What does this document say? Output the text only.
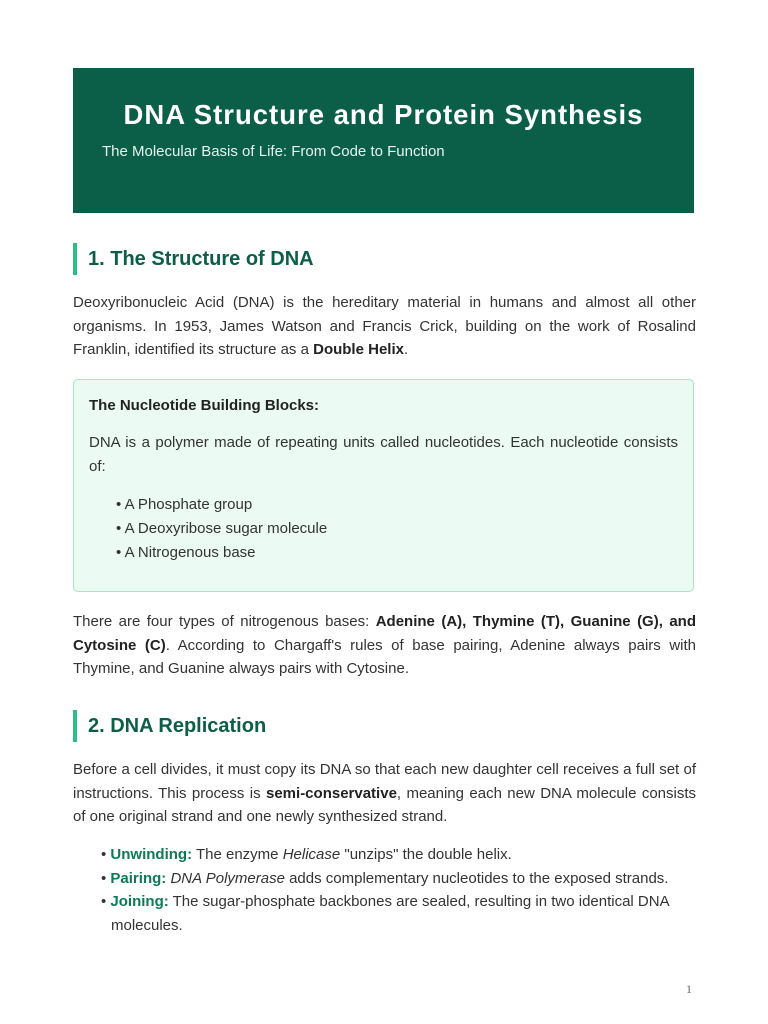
DNA Structure and Protein Synthesis

The Molecular Basis of Life: From Code to Function

1. The Structure of DNA

Deoxyribonucleic Acid (DNA) is the hereditary material in humans and almost all other organisms. In 1953, James Watson and Francis Crick, building on the work of Rosalind Franklin, identified its structure as a Double Helix.

The Nucleotide Building Blocks:
DNA is a polymer made of repeating units called nucleotides. Each nucleotide consists of:
• A Phosphate group
• A Deoxyribose sugar molecule
• A Nitrogenous base

There are four types of nitrogenous bases: Adenine (A), Thymine (T), Guanine (G), and Cytosine (C). According to Chargaff's rules of base pairing, Adenine always pairs with Thymine, and Guanine always pairs with Cytosine.

2. DNA Replication

Before a cell divides, it must copy its DNA so that each new daughter cell receives a full set of instructions. This process is semi-conservative, meaning each new DNA molecule consists of one original strand and one newly synthesized strand.

• Unwinding: The enzyme Helicase "unzips" the double helix.
• Pairing: DNA Polymerase adds complementary nucleotides to the exposed strands.
• Joining: The sugar-phosphate backbones are sealed, resulting in two identical DNA molecules.
1
